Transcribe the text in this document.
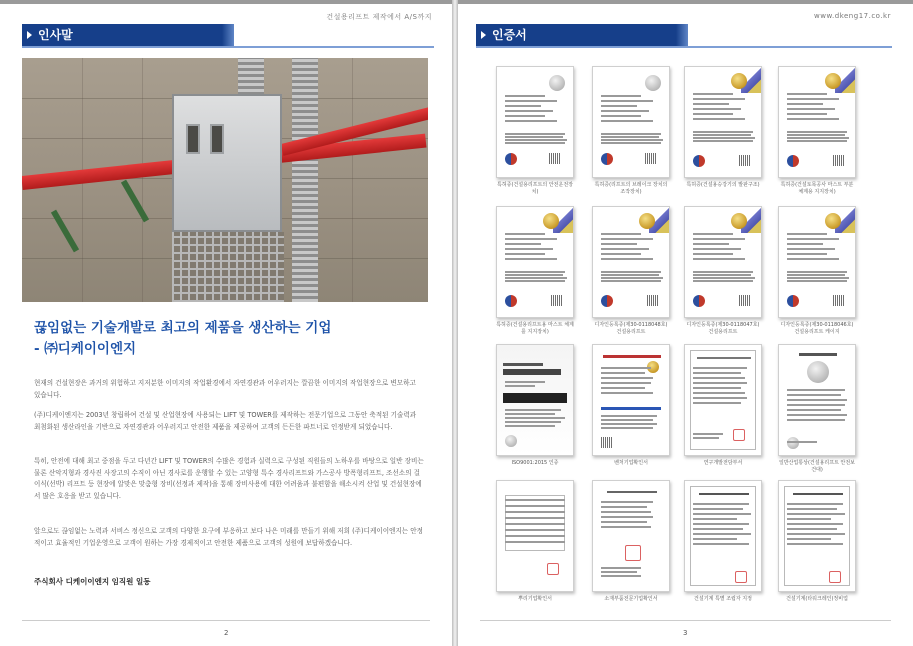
건설용리프트 제작에서 A/S까지
인사말
끊임없는 기술개발로 최고의 제품을 생산하는 기업
- ㈜디케이이엔지

현재의 건설현장은 과거의 위험하고 지저분한 이미지의 작업환경에서 자연경관과 어우러지는 깔끔한 이미지의 작업현장으로 변모하고 있습니다.

(주)디케이엔지는 2003년 창립하여 건설 및 산업현장에 사용되는 LIFT 및 TOWER를 제작하는 전문기업으로 그동안 축적된 기술력과 최첨화된 생산라인을 기반으로 자연경관과 어우러지고 안전한 제품을 제공하여 고객의 든든한 파트너로 인정받게 되었습니다.

특히, 안전에 대해 최고 중점을 두고 다년간 LIFT 및 TOWER의 수많은 경험과 실력으로 구성된 직원들의 노하우를 바탕으로 일반 장비는 물론 산악지형과 경사진 사장고의 수직이 아닌 경사로를 운행할 수 있는 고양형 특수 경사리프트와 가스공사 방폭형리프트, 조선소의 걸이식(선박) 리프트 등 현장에 알맞은 맞춤형 장비(선정과 제작)을 통해 장비사용에 대한 어려움과 불편함을 해소시켜 산업 및 건설현장에서 많은 호응을 받고 있습니다.

앞으로도 끊임없는 노력과 서비스 정신으로 고객의 다양한 요구에 부응하고 보다 나은 미래를 만들기 위해 저희 (주)디케이이엔지는 안정적이고 효율적인 기업운영으로 고객이 원하는 가장 경제적이고 안전한 제품으로 고객의 성원에 보답하겠습니다.

주식회사 디케이이엔지 임직원 일동
2
www.dkeng17.co.kr
인증서
특허증(건설용리프트의 안전운전장치)
특허증(리프트의 브레이크 장치의 조작장치)
특허증(건설용승강기의 발판구조)	특허증(건설토목공사 마스트 부분 체계용 지지장치)
특허증(건설용리프트용 마스트 체계를 지지장치)
디자인등록증(제30-0118048호) 건설용리프트
디자인등록증(제30-0118047호) 건설용리프트
디자인등록증(제30-0118046호) 건설용리프트 케이지
ISO9001:2015 인증	벤처기업확인서	연구개발전담부서	일반산업통상(건설용리프트 안전보건대)
뿌리기업확인서	소재부품전문기업확인서	건설기계 특별 조립자 지정	건설기계(타워크레인)정비업
3
